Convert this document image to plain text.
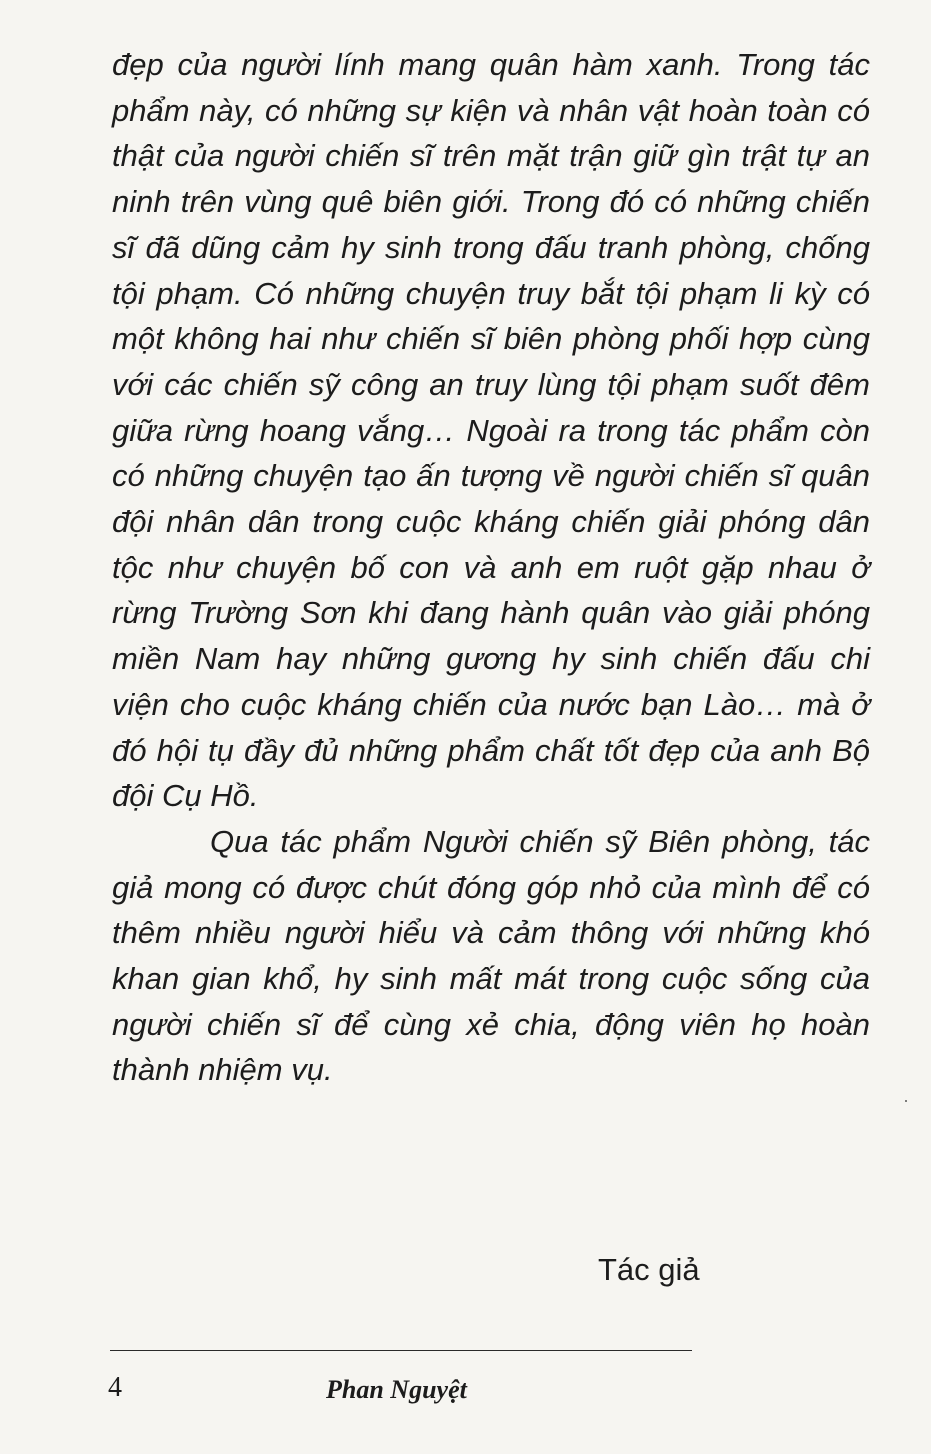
đẹp của người lính mang quân hàm xanh. Trong tác phẩm này, có những sự kiện và nhân vật hoàn toàn có thật của người chiến sĩ trên mặt trận giữ gìn trật tự an ninh trên vùng quê biên giới. Trong đó có những chiến sĩ đã dũng cảm hy sinh trong đấu tranh phòng, chống tội phạm. Có những chuyện truy bắt tội phạm li kỳ có một không hai như chiến sĩ biên phòng phối hợp cùng với các chiến sỹ công an truy lùng tội phạm suốt đêm giữa rừng hoang vắng… Ngoài ra trong tác phẩm còn có những chuyện tạo ấn tượng về người chiến sĩ quân đội nhân dân trong cuộc kháng chiến giải phóng dân tộc như chuyện bố con và anh em ruột gặp nhau ở rừng Trường Sơn khi đang hành quân vào giải phóng miền Nam hay những gương hy sinh chiến đấu chi viện cho cuộc kháng chiến của nước bạn Lào… mà ở đó hội tụ đầy đủ những phẩm chất tốt đẹp của anh Bộ đội Cụ Hồ.

Qua tác phẩm Người chiến sỹ Biên phòng, tác giả mong có được chút đóng góp nhỏ của mình để có thêm nhiều người hiểu và cảm thông với những khó khan gian khổ, hy sinh mất mát trong cuộc sống của người chiến sĩ để cùng xẻ chia, động viên họ hoàn thành nhiệm vụ.

Tác giả

4	Phan Nguyệt
